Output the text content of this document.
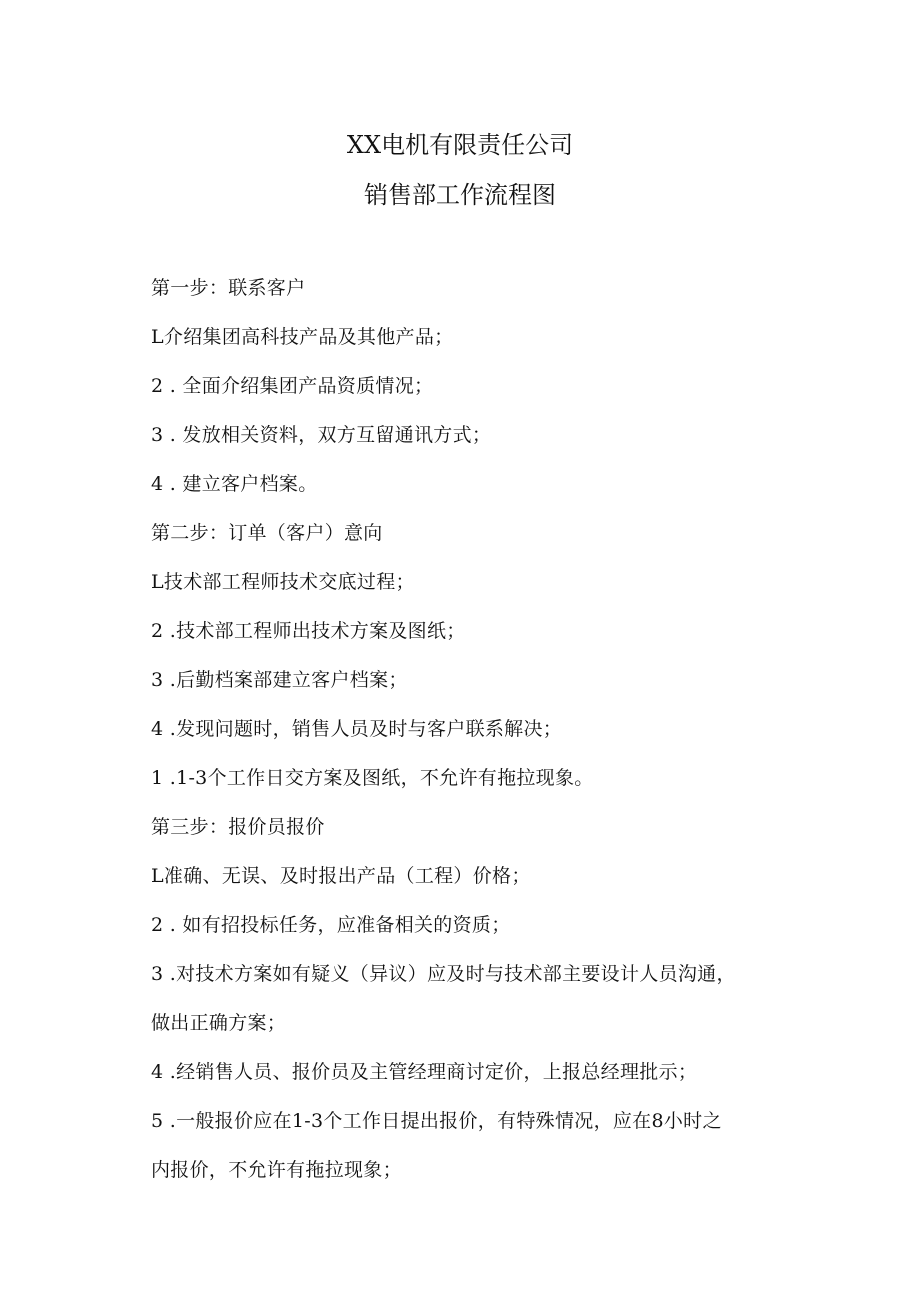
XX电机有限责任公司
销售部工作流程图
第一步：联系客户
L介绍集团高科技产品及其他产品；
2 . 全面介绍集团产品资质情况；
3 . 发放相关资料，双方互留通讯方式；
4 . 建立客户档案。
第二步：订单（客户）意向
L技术部工程师技术交底过程；
2 .技术部工程师出技术方案及图纸；
3 .后勤档案部建立客户档案；
4 .发现问题时，销售人员及时与客户联系解决；
1 .1-3个工作日交方案及图纸，不允许有拖拉现象。
第三步：报价员报价
L准确、无误、及时报出产品（工程）价格；
2 . 如有招投标任务，应准备相关的资质；
3 .对技术方案如有疑义（异议）应及时与技术部主要设计人员沟通，
做出正确方案；
4 .经销售人员、报价员及主管经理商讨定价，上报总经理批示；
5 .一般报价应在1-3个工作日提出报价，有特殊情况，应在8小时之
内报价，不允许有拖拉现象；
